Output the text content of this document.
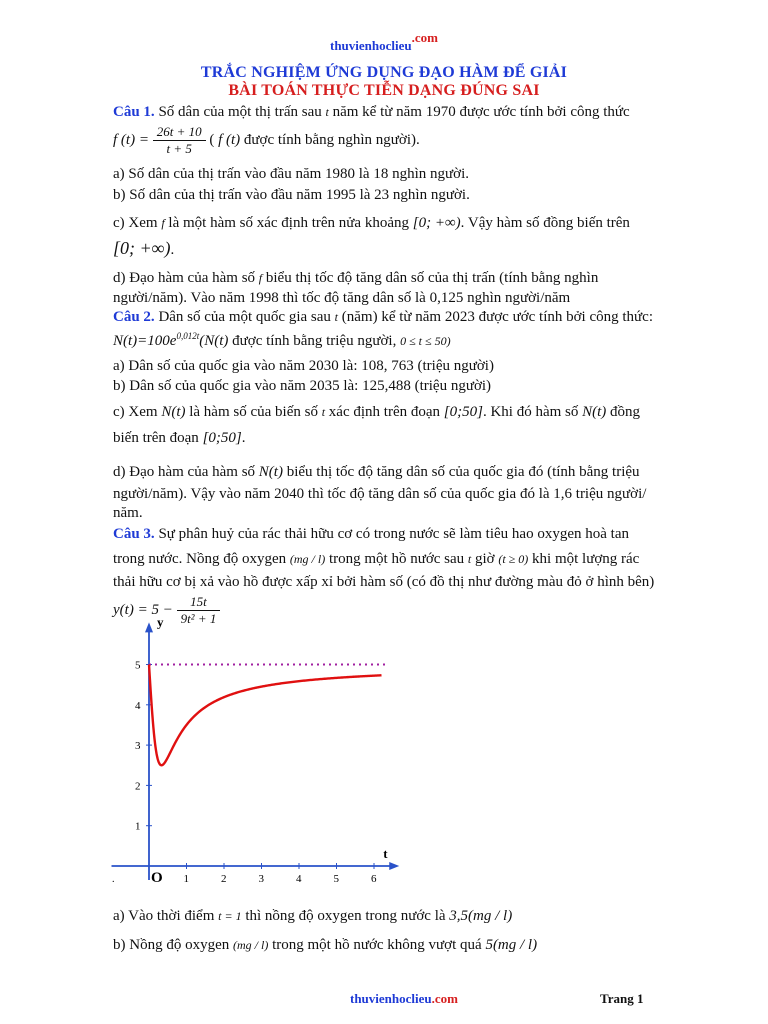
thuvienhoclieu.com
TRẮC NGHIỆM ỨNG DỤNG ĐẠO HÀM ĐỂ GIẢI
BÀI TOÁN THỰC TIỄN DẠNG ĐÚNG SAI
Câu 1. Số dân của một thị trấn sau t năm kể từ năm 1970 được ước tính bởi công thức
f $(t) = \frac{26t + 10}{t + 5}$ ( f (t) được tính bằng nghìn người).
a) Số dân của thị trấn vào đầu năm 1980 là 18 nghìn người.
b) Số dân của thị trấn vào đầu năm 1995 là 23 nghìn người.
c) Xem f là một hàm số xác định trên nửa khoảng [0; +∞). Vậy hàm số đồng biến trên
[0; +∞).
d) Đạo hàm của hàm số f biểu thị tốc độ tăng dân số của thị trấn (tính bằng nghìn
người/năm). Vào năm 1998 thì tốc độ tăng dân số là 0,125 nghìn người/năm
Câu 2. Dân số của một quốc gia sau t (năm) kể từ năm 2023 được ước tính bởi công thức:
$N(t)=100e^{0,012t}(N(t)$ được tính bằng triệu người, 0 ≤ t ≤ 50)
a) Dân số của quốc gia vào năm 2030 là: 108, 763 (triệu người)
b) Dân số của quốc gia vào năm 2035 là: 125,488 (triệu người)
c) Xem N(t) là hàm số của biến số t xác định trên đoạn [0;50]. Khi đó hàm số N(t) đồng
biến trên đoạn [0;50].
d) Đạo hàm của hàm số N(t) biểu thị tốc độ tăng dân số của quốc gia đó (tính bằng triệu
người/năm). Vậy vào năm 2040 thì tốc độ tăng dân số của quốc gia đó là 1,6 triệu người/
năm.
Câu 3. Sự phân huỷ của rác thải hữu cơ có trong nước sẽ làm tiêu hao oxygen hoà tan
trong nước. Nồng độ oxygen (mg / l) trong một hồ nước sau t giờ (t ≥ 0) khi một lượng rác
thải hữu cơ bị xả vào hồ được xấp xỉ bởi hàm số (có đồ thị như đường màu đỏ ở hình bên)
$y(t) = 5 - \frac{15t}{\text{9t² + 1}}$
y
t
O
.	1	2	3	4	5	6
1
2
3
4
5
a) Vào thời điểm t = 1 thì nồng độ oxygen trong nước là 3,5(mg / l)
b) Nồng độ oxygen (mg / l) trong một hồ nước không vượt quá 5(mg / l)
thuvienhoclieu.com	Trang 1
